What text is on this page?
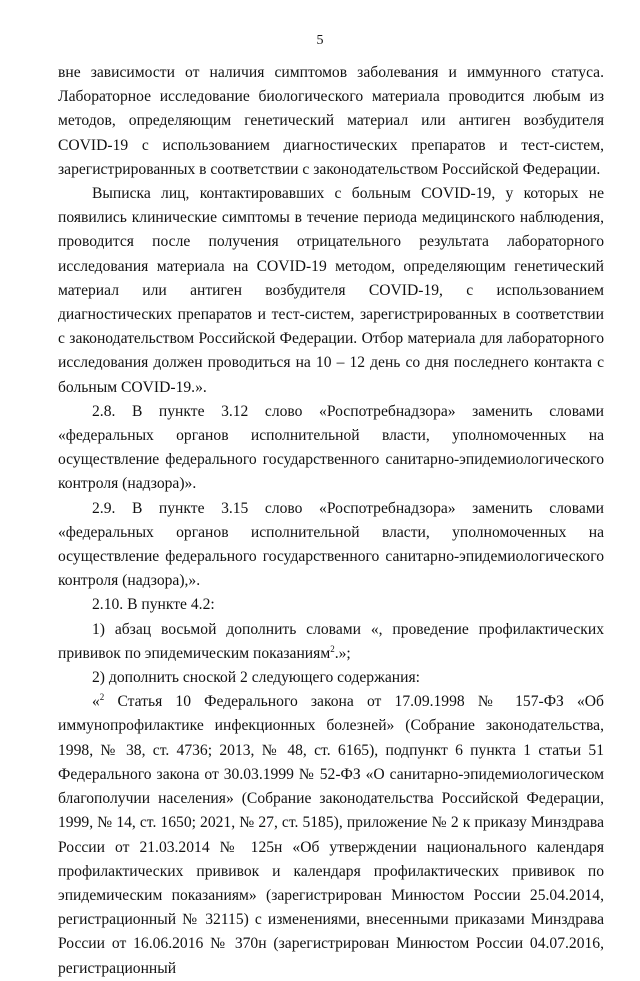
5

вне зависимости от наличия симптомов заболевания и иммунного статуса. Лабораторное исследование биологического материала проводится любым из методов, определяющим генетический материал или антиген возбудителя COVID-19 с использованием диагностических препаратов и тест-систем, зарегистрированных в соответствии с законодательством Российской Федерации.

Выписка лиц, контактировавших с больным COVID-19, у которых не появились клинические симптомы в течение периода медицинского наблюдения, проводится после получения отрицательного результата лабораторного исследования материала на COVID-19 методом, определяющим генетический материал или антиген возбудителя COVID-19, с использованием диагностических препаратов и тест-систем, зарегистрированных в соответствии с законодательством Российской Федерации. Отбор материала для лабораторного исследования должен проводиться на 10 – 12 день со дня последнего контакта с больным COVID-19.».

2.8. В пункте 3.12 слово «Роспотребнадзора» заменить словами «федеральных органов исполнительной власти, уполномоченных на осуществление федерального государственного санитарно-эпидемиологического контроля (надзора)».

2.9. В пункте 3.15 слово «Роспотребнадзора» заменить словами «федеральных органов исполнительной власти, уполномоченных на осуществление федерального государственного санитарно-эпидемиологического контроля (надзора),».

2.10. В пункте 4.2:

1) абзац восьмой дополнить словами «, проведение профилактических прививок по эпидемическим показаниям$^2$.»;

2) дополнить сноской 2 следующего содержания:

«$^2$ Статья 10 Федерального закона от 17.09.1998 № 157-ФЗ «Об иммунопрофилактике инфекционных болезней» (Собрание законодательства, 1998, № 38, ст. 4736; 2013, № 48, ст. 6165), подпункт 6 пункта 1 статьи 51 Федерального закона от 30.03.1999 № 52-ФЗ «О санитарно-эпидемиологическом благополучии населения» (Собрание законодательства Российской Федерации, 1999, № 14, ст. 1650; 2021, № 27, ст. 5185), приложение № 2 к приказу Минздрава России от 21.03.2014 № 125н «Об утверждении национального календаря профилактических прививок и календаря профилактических прививок по эпидемическим показаниям» (зарегистрирован Минюстом России 25.04.2014, регистрационный № 32115) с изменениями, внесенными приказами Минздрава России от 16.06.2016 № 370н (зарегистрирован Минюстом России 04.07.2016, регистрационный
